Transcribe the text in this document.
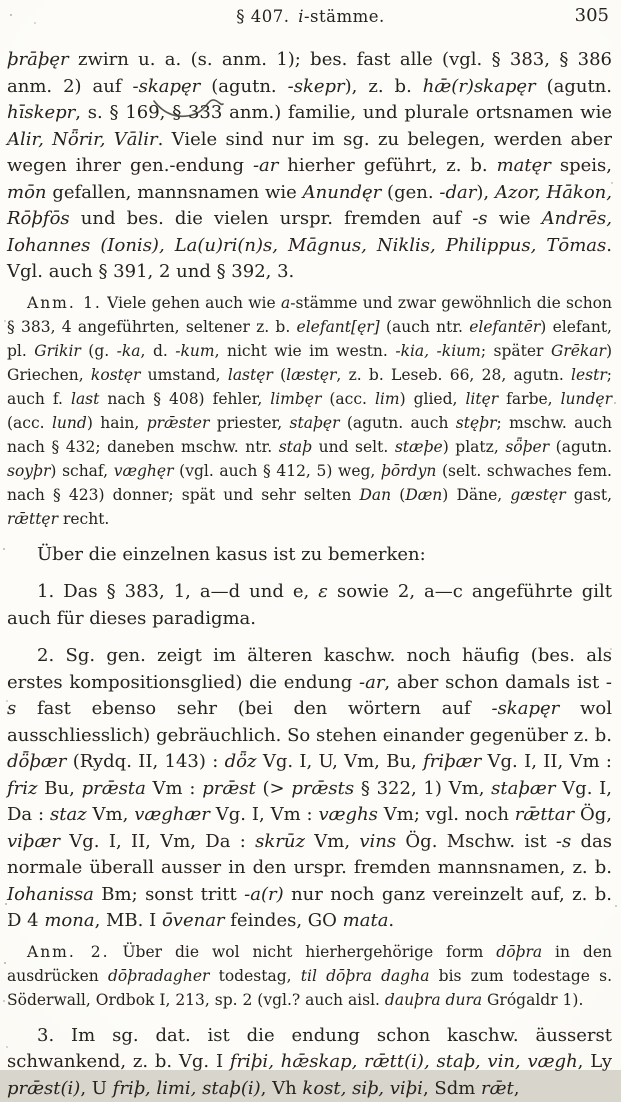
§ 407. i-stämme.	305

þrāþęr zwirn u. a. (s. anm. 1); bes. fast alle (vgl. § 383, § 386 anm. 2) auf -skapęr (agutn. -skepr), z. b. hǣ(r)skapęr (agutn. hīskepr, s. § 169, § 333 anm.) familie, und plurale ortsnamen wie Alir, Nȫrir, Vālir. Viele sind nur im sg. zu belegen, werden aber wegen ihrer gen.-endung -ar hierher geführt, z. b. matęr speis, mōn gefallen, mannsnamen wie Anundęr (gen. -dar), Azor, Hākon, Rōþfōs und bes. die vielen urspr. fremden auf -s wie Andrēs, Iohannes (Ionis), La(u)ri(n)s, Māgnus, Niklis, Philippus, Tōmas. Vgl. auch § 391, 2 und § 392, 3.

Anm. 1. Viele gehen auch wie a-stämme und zwar gewöhnlich die schon § 383, 4 angeführten, seltener z. b. elefant[ęr] (auch ntr. elefantēr) elefant, pl. Grikir (g. -ka, d. -kum, nicht wie im westn. -kia, -kium; später Grēkar) Griechen, kostęr umstand, lastęr (læstęr, z. b. Leseb. 66, 28, agutn. lestr; auch f. last nach § 408) fehler, limbęr (acc. lim) glied, litęr farbe, lundęr (acc. lund) hain, prǣster priester, staþęr (agutn. auch stęþr; mschw. auch nach § 432; daneben mschw. ntr. staþ und selt. stæþe) platz, sȫþer (agutn. soyþr) schaf, væghęr (vgl. auch § 412, 5) weg, þōrdyn (selt. schwaches fem. nach § 423) donner; spät und sehr selten Dan (Dæn) Däne, gæstęr gast, rǣttęr recht.

Über die einzelnen kasus ist zu bemerken:

1. Das § 383, 1, a—d und e, ε sowie 2, a—c angeführte gilt auch für dieses paradigma.

2. Sg. gen. zeigt im älteren kaschw. noch häufig (bes. als erstes kompositionsglied) die endung -ar, aber schon damals ist -s fast ebenso sehr (bei den wörtern auf -skapęr wol ausschliesslich) gebräuchlich. So stehen einander gegenüber z. b. dȫþær (Rydq. II, 143) : dȫz Vg. I, U, Vm, Bu, friþær Vg. I, II, Vm : friz Bu, prǣsta Vm : prǣst (> prǣsts § 322, 1) Vm, staþær Vg. I, Da : staz Vm, væghær Vg. I, Vm : væghs Vm; vgl. noch rǣttar Ög, viþær Vg. I, II, Vm, Da : skrūz Vm, vins Ög. Mschw. ist -s das normale überall ausser in den urspr. fremden mannsnamen, z. b. Iohanissa Bm; sonst tritt -a(r) nur noch ganz vereinzelt auf, z. b. D 4 mona, MB. I ōvenar feindes, GO mata.

Anm. 2. Über die wol nicht hierhergehörige form dōþra in den ausdrücken dōþradagher todestag, til dōþra dagha bis zum todestage s. Söderwall, Ordbok I, 213, sp. 2 (vgl.? auch aisl. dauþra dura Grógaldr 1).

3. Im sg. dat. ist die endung schon kaschw. äusserst schwankend, z. b. Vg. I friþi, hǣskap, rǣtt(i), staþ, vin, vægh, Ly prǣst(i), U friþ, limi, staþ(i), Vh kost, siþ, viþi, Sdm rǣt,
